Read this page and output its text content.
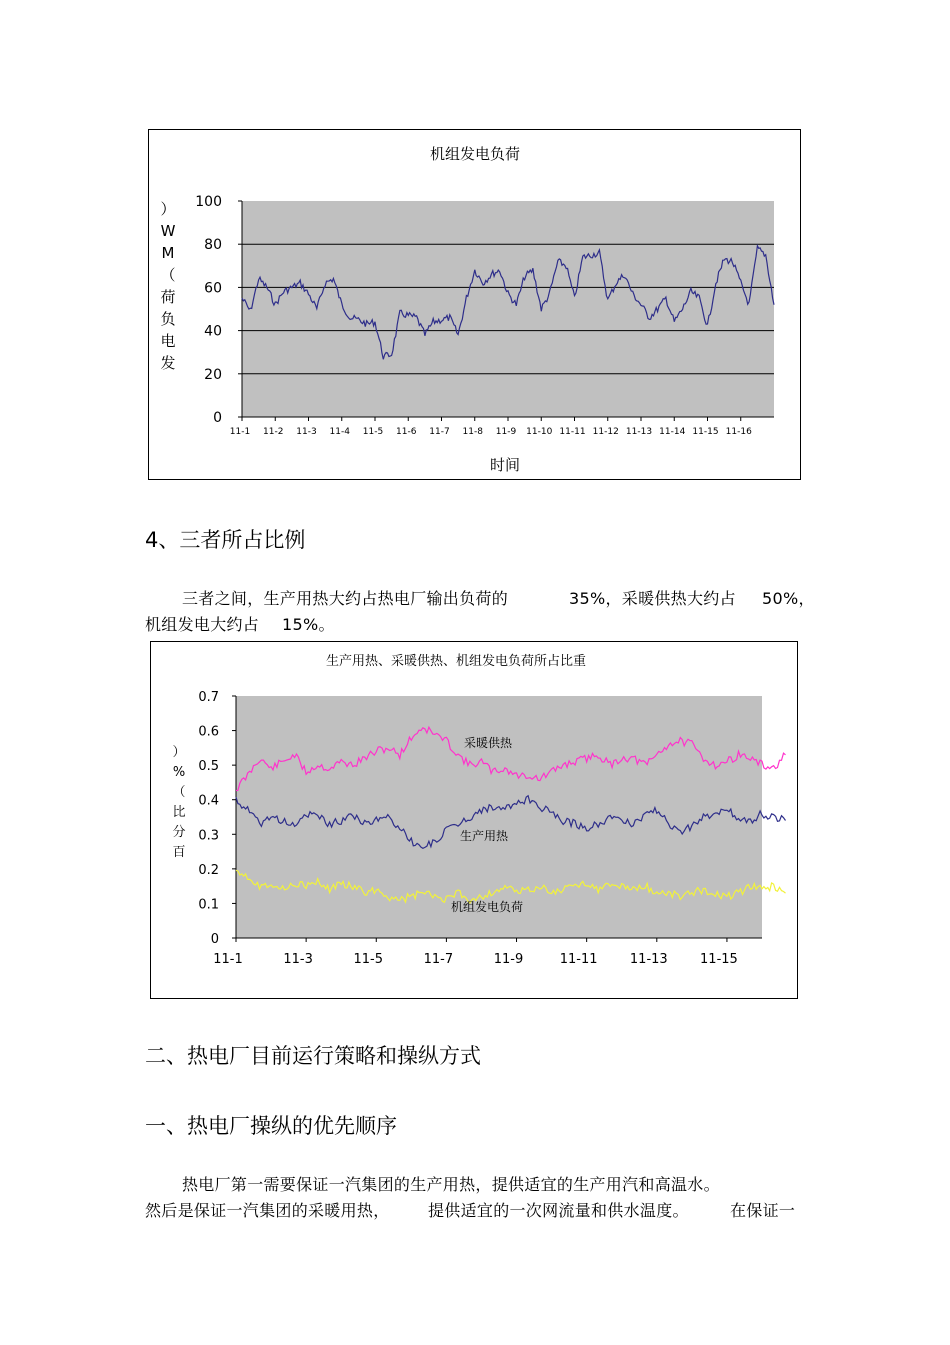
机组发电负荷
0
20
40
60
80
100
11-1 11-2 11-3 11-4 11-5 11-6 11-7 11-8 11-9 11-10 11-11 11-12 11-13 11-14 11-15 11-16
发
电
负
荷
（
M
W
）
时间
4、三者所占比例
三者之间，生产用热大约占热电厂输出负荷的	35%，采暖供热大约占 50%，
机组发电大约占 15%。
生产用热、采暖供热、机组发电负荷所占比重
0
0.1
0.2
0.3
0.4
0.5
0.6
0.7
11-1	11-3	11-5	11-7	11-9	11-11 11-13 11-15
百
分
比
（
%
）
采暖供热
生产用热
机组发电负荷
二、热电厂目前运行策略和操纵方式
一、热电厂操纵的优先顺序
热电厂第一需要保证一汽集团的生产用热，提供适宜的生产用汽和高温水。
然后是保证一汽集团的采暖用热， 提供适宜的一次网流量和供水温度。	在保证一
